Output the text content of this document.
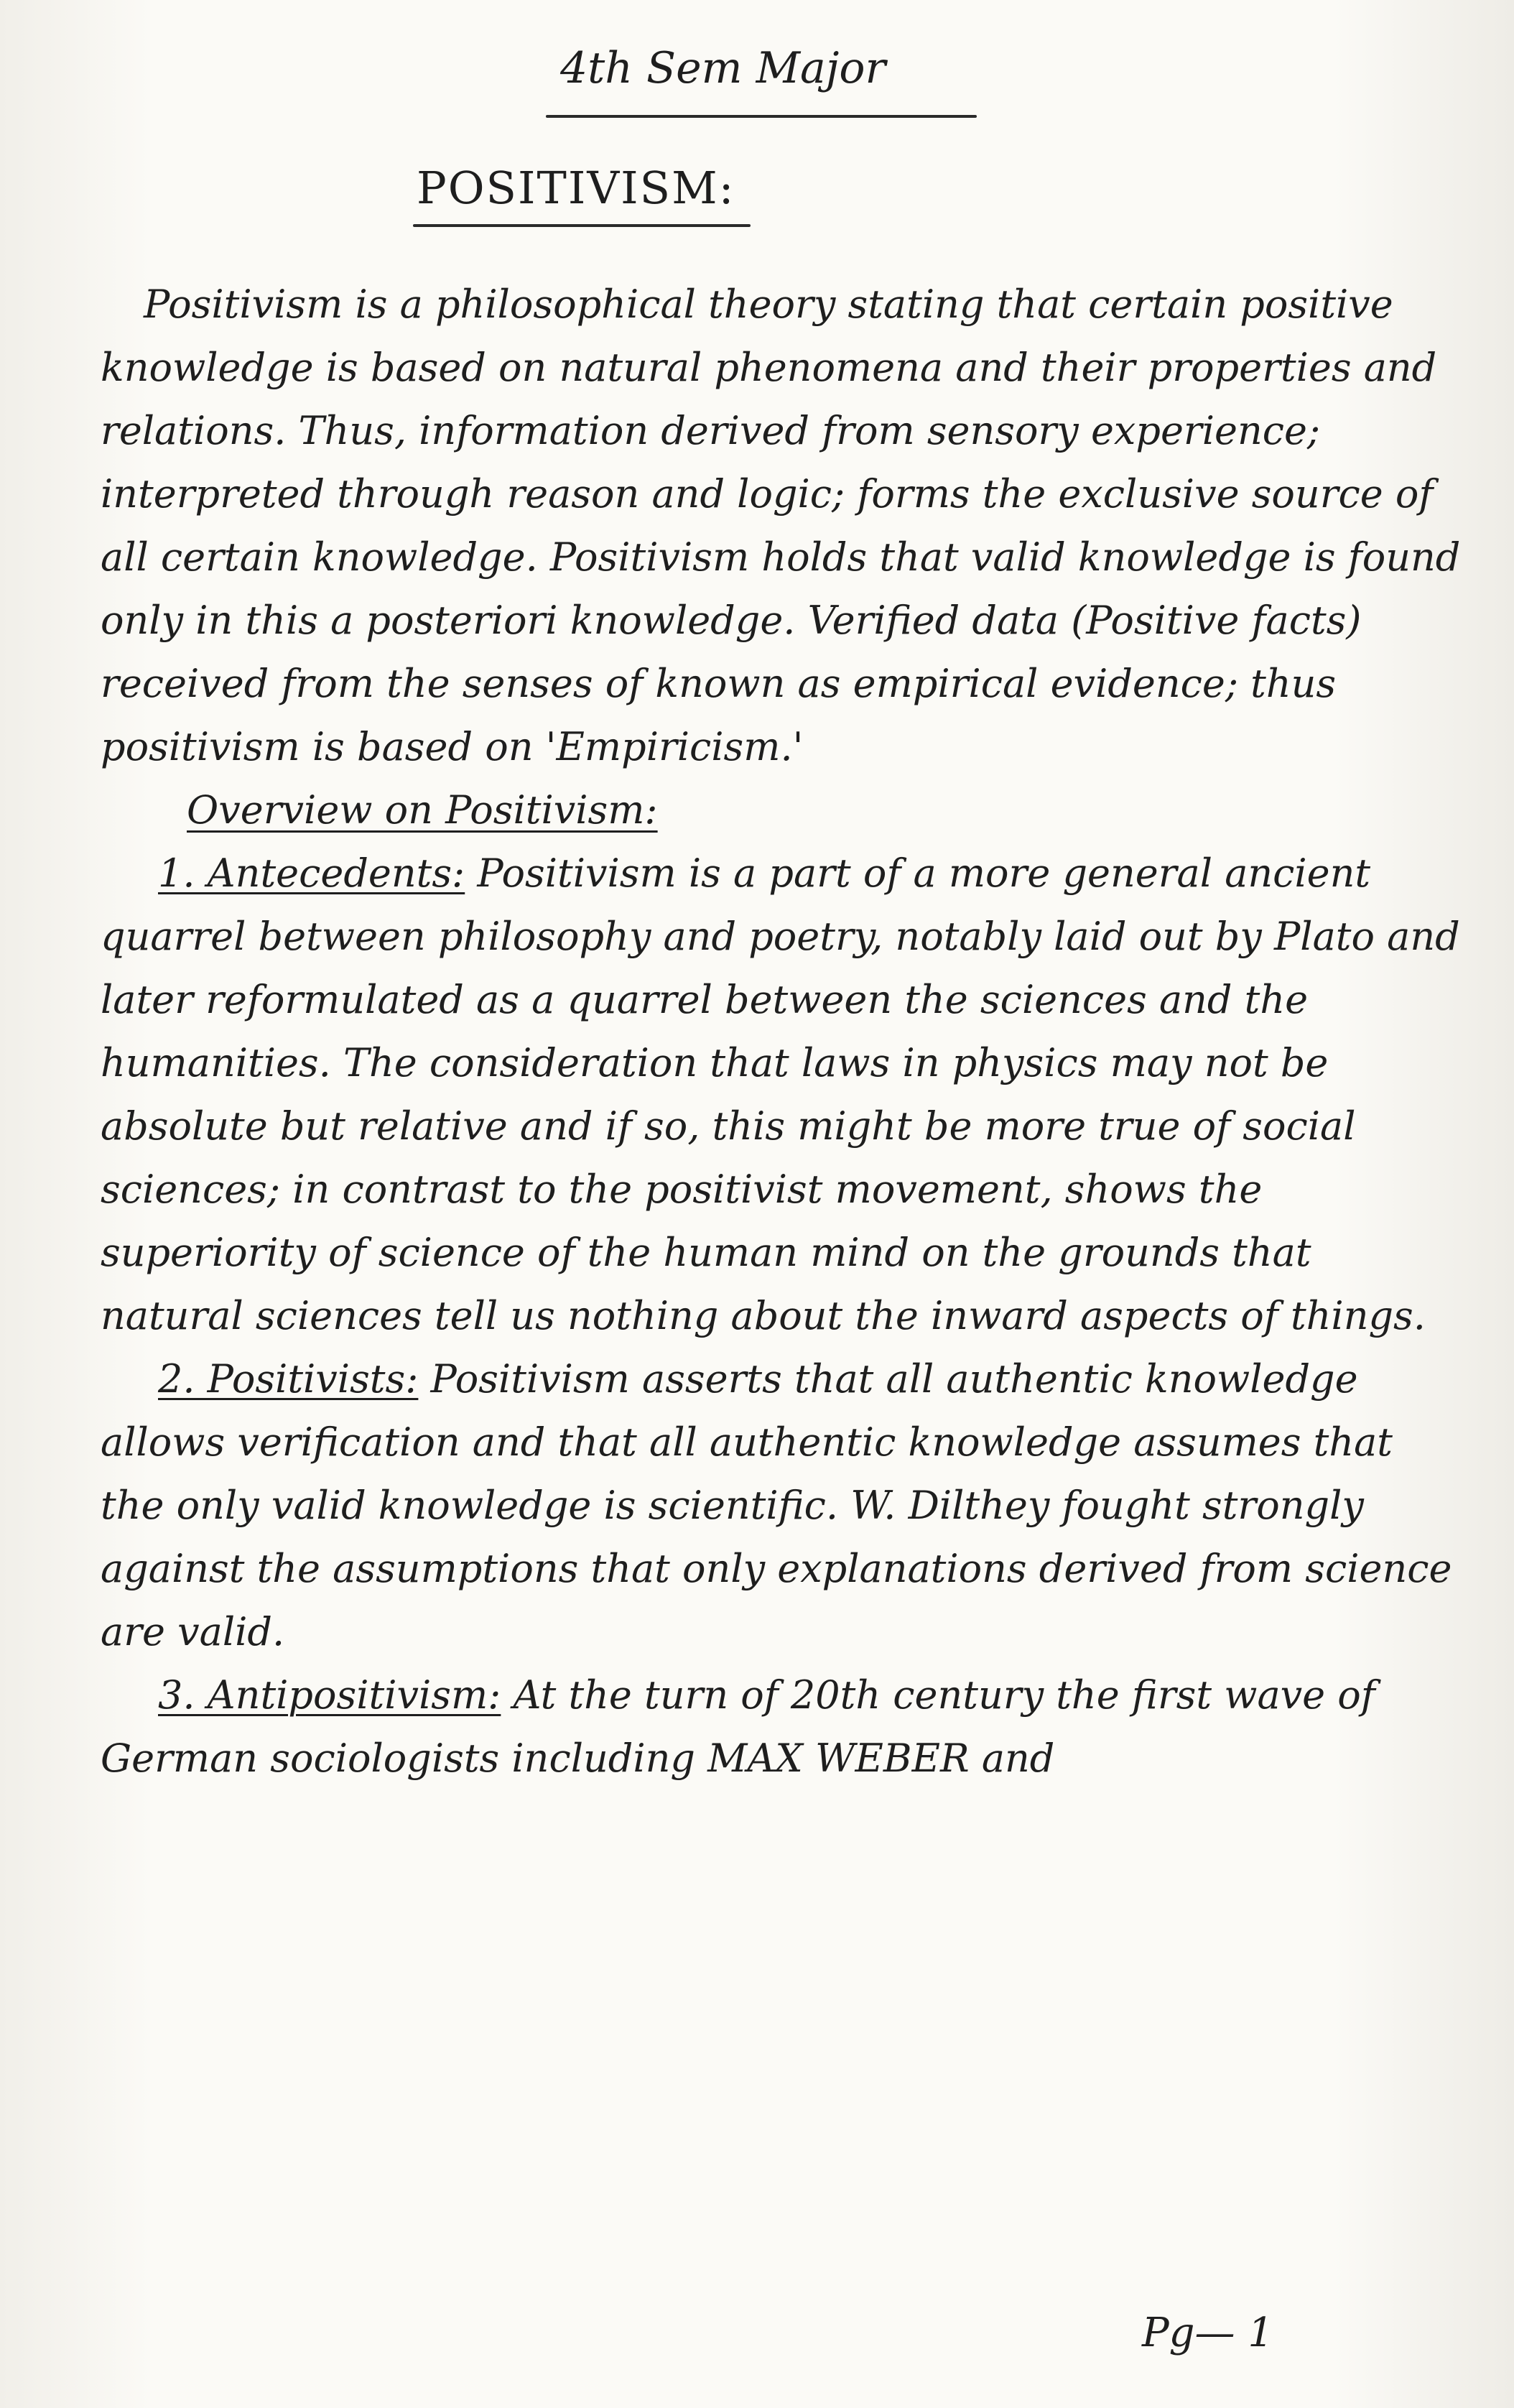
4th Sem Major
POSITIVISM:

Positivism is a philosophical theory stating that certain positive knowledge is based on natural phenomena and their properties and relations. Thus, information derived from sensory experience; interpreted through reason and logic; forms the exclusive source of all certain knowledge. Positivism holds that valid knowledge is found only in this a posteriori knowledge. Verified data (Positive facts) received from the senses of known as empirical evidence; thus positivism is based on 'Empiricism.'

Overview on Positivism:

1. Antecedents: Positivism is a part of a more general ancient quarrel between philosophy and poetry, notably laid out by Plato and later reformulated as a quarrel between the sciences and the humanities. The consideration that laws in physics may not be absolute but relative and if so, this might be more true of social sciences; in contrast to the positivist movement, shows the superiority of science of the human mind on the grounds that natural sciences tell us nothing about the inward aspects of things.

2. Positivists: Positivism asserts that all authentic knowledge allows verification and that all authentic knowledge assumes that the only valid knowledge is scientific. W. Dilthey fought strongly against the assumptions that only explanations derived from science are valid.

3. Antipositivism: At the turn of 20th century the first wave of German sociologists including MAX WEBER and

Pg— 1
